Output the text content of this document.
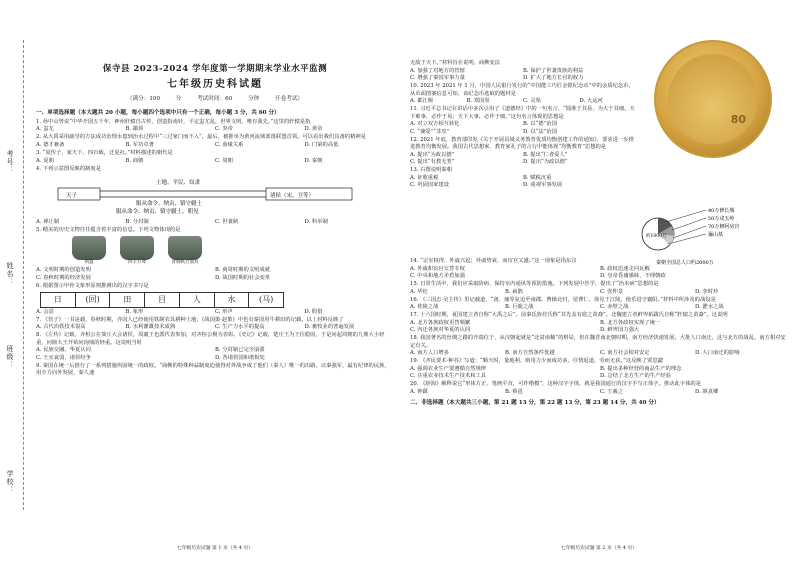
考号：
姓名：
班级：
学校：
保寺县 2023-2024 学年度第一学期期末学业水平监测
七年级历史科试题
（满分：100 分	考试时间：60 分钟	开卷考试）
一、单项选择题（本大题共 20 小题，每小题四个选项中只有一个正确，每小题 3 分，共 60 分）
1. 孙中山曾说“中华开国五千年，神州轩辕自古传，创造指南针，平定蚩尤乱，世界文明，唯有我先。”这里的轩辕是指
A. 蚩尤	B. 颛顼	C. 炎帝	D. 黄帝
2. 从大禹采用疏导的方法成功治理水患到治水过程中“三过家门而不入”，最后，被推举为黄河流域部落联盟首领。可以看出我们具备的精神是
A. 德才兼备	B. 军功卓著	C. 血缘关系	D. 门第的高低
3. “夏传子，家天下，四百载，迁夏社。”材料描述的朝代是
A. 夏朝	B. 商朝	C. 周朝	D. 秦朝
4. 下列示意图反映的制度是
土地、平民、奴隶
天子	诸侯（宋、卫等）
服从命令、纳贡、镇守疆土
服从命令、纳贡、镇守疆土、朝见
A. 禅让制	B. 分封制	C. 世袭制	D. 科举制
5. 精美的历史文物往往蕴含着丰富的信息。下列文物体现的是
利簋	四羊方尊	青铜纵目面具
A. 文明时期的创造发明	B. 商周时期的文明成就
C. 春秋时期的经济发展	D. 战国时期的社会变革
6. 根据图示甲骨文象形原则推测出的汉字书写是
日	(回)	田	目	人	水	(马)
A. 会意	B. 象形	C. 形声	D. 假借
7. 《管子》一书是载，春秋时期，齐国人已经使用铁制农具耕种土地；《战国策·赵策》中也有秦国用牛耕田的记载。以上材料反映了
A. 古代冶铁技术很高	B. 水利灌溉技术成熟	C. 生产力水平的提高	D. 畜牧业的普遍发展
8. 《左传》记载，齐桓公在葵丘大会诸侯，周襄王也派代表参加，对齐桓公极为表彰。《史记》记载，楚庄王为王位稳固，于是问起周朝的九鼎大小轻重，问鼎大王开始问询鼎的轻重。这说明当时
A. 民族交融、华夏认同	B. 分封制已完全崩溃
C. 王室衰弱，诸侯纷争	D. 各诸侯国和谐相处
9. 秦国在统一后推行了一系列措施巩固统一的政权。“商鞅的特殊种蒜制度迫使得对外战争成了他们（秦人）唯一的出路。以秦强军，最有纪律的民族，用全力向外发展，秦人速
七年级历史试题 第 1 页（共 4 页）
无敌于天下。”材料旨在说明，商鞅变法
A. 加强了对地方的管辖	B. 保护了世袭贵族的利益
C. 增强了秦国军事力量	D. 扩大了地方长官的权力
10. 2023 年 2021 年 1 月，中国人民银行发行的“中国能工巧匠金银纪念币”中的金质纪念币，从币面图案信息可知，该纪念币选取的题材是
A. 都江堰	B. 郑国渠	C. 灵渠	D. 大运河
11. 习近平总书记在讲话中多次引用了《道德经》中的一句名言，“圆准于其易，为大于其细。天下难事，必作于易；天下大事，必作于细。”这句名言体现的思想是
A. 对立双方相互转化	B. 以“德”治国
C. “兼爱”“非攻”	D. 以“法”治国
12. 2021 年底，教育部印发《关于开展县域义务教育优质均衡创建工作的通知》，要求进一步推进教育均衡发展。我国古代思想家、教育家孔子的言行中能体现“均衡教育”思想的是
A. 提出“为政以德”	B. 提出“仁者爱人”
C. 提出“有教无类”	D. 提出“为政以德”
13. 右图说明秦朝
A. 征收重税	B. 赋税沉重
C. 巩固国家建设	D. 重视军事发展
80
40万修长城
50万戍五岭
70万修阿房宫
骊山墓
约1000万
秦朝全国总人口约2000万
14. “宗室权得，外戚兴起；外戚势衰，而宦官又盛。”这一现象是指东汉
A. 外戚和宦官交替专权	B. 政权迅速走向瓦解
C. 中央和地方矛盾加强	D. 皇帝昏庸愚昧，不理朝政
15. 日常生活中，我们应采取防病、保持室内通风等预防措施。下列发展中医学，提出了“治未病”思想的是
A. 华佗	B. 扁鹊	C. 张仲景	D. 李时珍
16. 《三国志·吴主传》里记载道，“备、瑜等复追至南郡。曹操北归，留曹仁、徐晃于江陵，使乐进守襄阳。”材料中所涉及的战役是
A. 桂陵之战	B. 巨鹿之战	C. 赤壁之战	D. 淝水之战
17. 十六国时期，夏国建立者自称“大禹之后”。前秦氐族苻氏称“其先盖有扈之苗裔”。北魏建立者鲜卑拓跋氏自称“轩辕之苗裔”。这说明
A. 北方各族政权更替频繁	B. 北方各政权实现了统一
C. 内迁各族对华夏的认同	D. 鲜卑国力强大
18. 我国著名的丝绸之路的开端位于，从汉朝起就是“北富南稀”的格局，但在魏晋南北朝时期，南方经济快速发展，大批人口南迁，这与北方的战乱、南方相对安定有关。
A. 南方人口增多	B. 南方自然条件优越	C. 南方社会相对安定	D. 人口南迁的影响
19. 《齐民要术·种谷》写道：“顺天时，量地利，则用力少而成功多。任情返道，劳而无获。”这反映了贾思勰
A. 强调农业生产要遵循自然规律	B. 提出多种经营的商品生产的理念
C. 注重农业技术生产技术和工具	D. 总结了北方生产的生产经验
20. 《辞海》解释说它“形体方正，笔画平直，可作楷模”，这种汉字字体，就是我国通行的汉字手写正体字。推动此字体的是
A. 钟繇	B. 蔡邕	C. 王羲之	D. 颜真卿
二、非选择题（本大题共三小题，第 21 题 13 分，第 22 题 13 分，第 23 题 14 分，共 40 分）
七年级历史试题 第 2 页（共 4 页）
